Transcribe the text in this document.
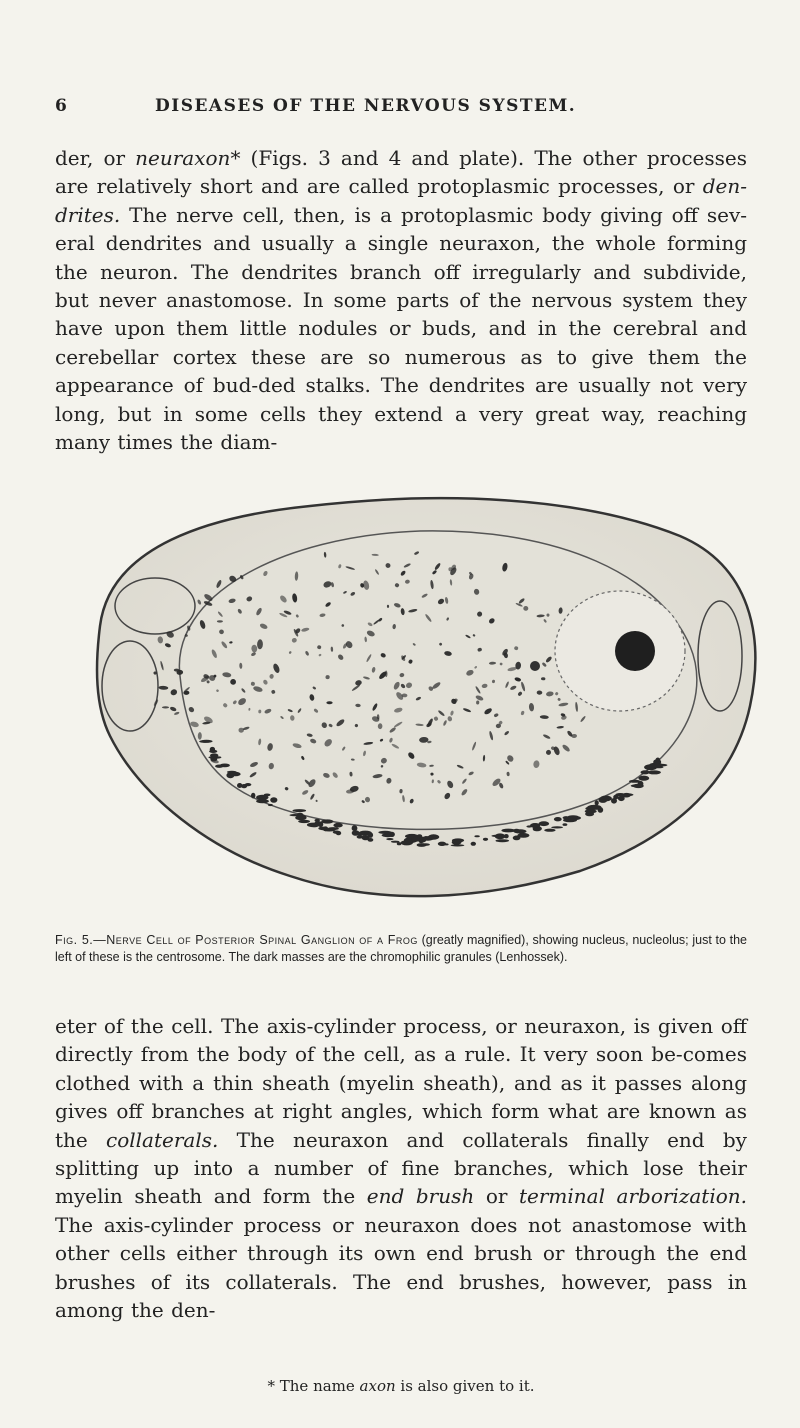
6	DISEASES OF THE NERVOUS SYSTEM.
der, or neuraxon* (Figs. 3 and 4 and plate). The other processes are relatively short and are called protoplasmic processes, or den-drites. The nerve cell, then, is a protoplasmic body giving off sev-eral dendrites and usually a single neuraxon, the whole forming the neuron. The dendrites branch off irregularly and subdivide, but never anastomose. In some parts of the nervous system they have upon them little nodules or buds, and in the cerebral and cerebellar cortex these are so numerous as to give them the appearance of bud-ded stalks. The dendrites are usually not very long, but in some cells they extend a very great way, reaching many times the diam-
Fig. 5.—Nerve Cell of Posterior Spinal Ganglion of a Frog (greatly magnified), showing nucleus, nucleolus; just to the left of these is the centrosome. The dark masses are the chromophilic granules (Lenhossek).
eter of the cell. The axis-cylinder process, or neuraxon, is given off directly from the body of the cell, as a rule. It very soon be-comes clothed with a thin sheath (myelin sheath), and as it passes along gives off branches at right angles, which form what are known as the collaterals. The neuraxon and collaterals finally end by splitting up into a number of fine branches, which lose their myelin sheath and form the end brush or terminal arborization. The axis-cylinder process or neuraxon does not anastomose with other cells either through its own end brush or through the end brushes of its collaterals. The end brushes, however, pass in among the den-
* The name axon is also given to it.
